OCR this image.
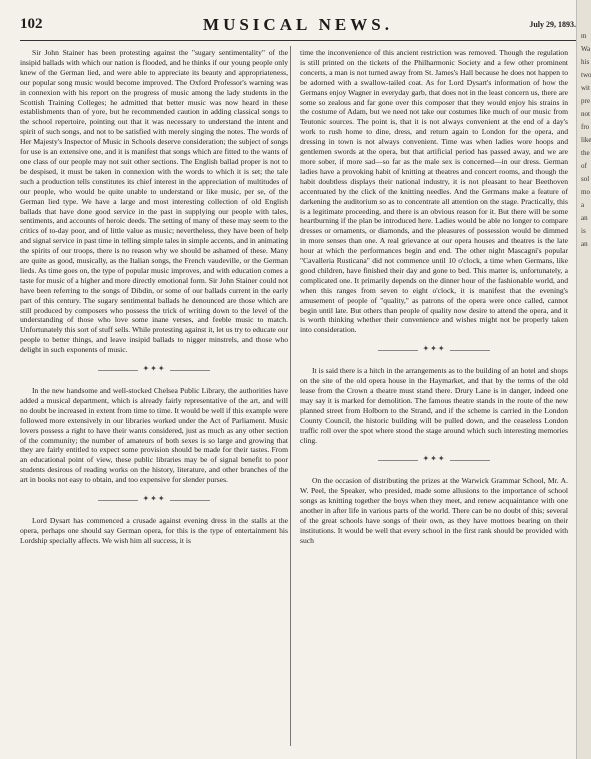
102	MUSICAL NEWS.	July 29, 1893.

Sir John Stainer has been protesting against the "sugary sentimentality" of the insipid ballads with which our nation is flooded, and he thinks if our young people only knew of the German lied, and were able to appreciate its beauty and appropriateness, our popular song music would become improved. The Oxford Professor's warning was in connexion with his report on the progress of music among the lady students in the Scottish Training Colleges; he admitted that better music was now heard in these establishments than of yore, but he recommended caution in adding classical songs to the school repertoire, pointing out that it was necessary to understand the intent and spirit of such songs, and not to be satisfied with merely singing the notes. The words of Her Majesty's Inspector of Music in Schools deserve consideration; the subject of songs for use is an extensive one, and it is manifest that songs which are fitted to the wants of one class of our people may not suit other sections. The English ballad proper is not to be despised, it must be taken in connexion with the words to which it is set; the tale such a production tells constitutes its chief interest in the appreciation of multitudes of our people, who would be quite unable to understand or like music, per se, of the German lied type. We have a large and most interesting collection of old English ballads that have done good service in the past in supplying our people with tales, sentiments, and accounts of heroic deeds. The setting of many of these may seem to the critics of to-day poor, and of little value as music; nevertheless, they have been of help and signal service in past time in telling simple tales in simple accents, and in animating the spirits of our troops, there is no reason why we should be ashamed of these. Many are quite as good, musically, as the Italian songs, the French vaudeville, or the German lieds. As time goes on, the type of popular music improves, and with education comes a taste for music of a higher and more directly emotional form. Sir John Stainer could not have been referring to the songs of Dibdin, or some of our ballads current in the early part of this century. The sugary sentimental ballads he denounced are those which are still produced by composers who possess the trick of writing down to the level of the understanding of those who love some inane verses, and feeble music to match. Unfortunately this sort of stuff sells. While protesting against it, let us try to educate our people to better things, and leave insipid ballads to nigger minstrels, and those who delight in such exponents of music.

✦✦✦

In the new handsome and well-stocked Chelsea Public Library, the authorities have added a musical department, which is already fairly representative of the art, and will no doubt be increased in extent from time to time. It would be well if this example were followed more extensively in our libraries worked under the Act of Parliament. Music lovers possess a right to have their wants considered, just as much as any other section of the community; the number of amateurs of both sexes is so large and growing that they are fairly entitled to expect some provision should be made for their tastes. From an educational point of view, these public libraries may be of signal benefit to poor students desirous of reading works on the history, literature, and other branches of the art in books not easy to obtain, and too expensive for slender purses.

✦✦✦

Lord Dysart has commenced a crusade against evening dress in the stalls at the opera, perhaps one should say German opera, for this is the type of entertainment his Lordship specially affects. We wish him all success, it is

time the inconvenience of this ancient restriction was removed. Though the regulation is still printed on the tickets of the Philharmonic Society and a few other prominent concerts, a man is not turned away from St. James's Hall because he does not happen to be adorned with a swallow-tailed coat. As for Lord Dysart's information of how the Germans enjoy Wagner in everyday garb, that does not in the least concern us, there are some so zealous and far gone over this composer that they would enjoy his strains in the costume of Adam, but we need not take our costumes like much of our music from Teutonic sources. The point is, that it is not always convenient at the end of a day's work to rush home to dine, dress, and return again to London for the opera, and dressing in town is not always convenient. Time was when ladies wore hoops and gentlemen swords at the opera, but that artificial period has passed away, and we are more sober, if more sad—so far as the male sex is concerned—in our dress. German ladies have a provoking habit of knitting at theatres and concert rooms, and though the habit doubtless displays their national industry, it is not pleasant to hear Beethoven accentuated by the click of the knitting needles. And the Germans make a feature of darkening the auditorium so as to concentrate all attention on the stage. Practically, this is a legitimate proceeding, and there is an obvious reason for it. But there will be some heartburning if the plan be introduced here. Ladies would be able no longer to compare dresses or ornaments, or diamonds, and the pleasures of possession would be dimmed in more senses than one. A real grievance at our opera houses and theatres is the late hour at which the performances begin and end. The other night Mascagni's popular "Cavalleria Rusticana" did not commence until 10 o'clock, a time when Germans, like good children, have finished their day and gone to bed. This matter is, unfortunately, a complicated one. It primarily depends on the dinner hour of the fashionable world, and when this ranges from seven to eight o'clock, it is manifest that the evening's amusement of people of "quality," as patrons of the opera were once called, cannot begin until late. But others than people of quality now desire to attend the opera, and it is worth thinking whether their convenience and wishes might not be properly taken into consideration.

✦✦✦

It is said there is a hitch in the arrangements as to the building of an hotel and shops on the site of the old opera house in the Haymarket, and that by the terms of the old lease from the Crown a theatre must stand there. Drury Lane is in danger, indeed one may say it is marked for demolition. The famous theatre stands in the route of the new planned street from Holborn to the Strand, and if the scheme is carried in the London County Council, the historic building will be pulled down, and the ceaseless London traffic roll over the spot where stood the stage around which such interesting memories cling.

✦✦✦

On the occasion of distributing the prizes at the Warwick Grammar School, Mr. A. W. Peel, the Speaker, who presided, made some allusions to the importance of school songs as knitting together the boys when they meet, and renew acquaintance with one another in after life in various parts of the world. There can be no doubt of this; several of the great schools have songs of their own, as they have mottoes bearing on their institutions. It would be well that every school in the first rank should be provided with such

m
Wa
his
two
wit
pre
not
fro
like
the
of
sol
mo
a
an
is
an
